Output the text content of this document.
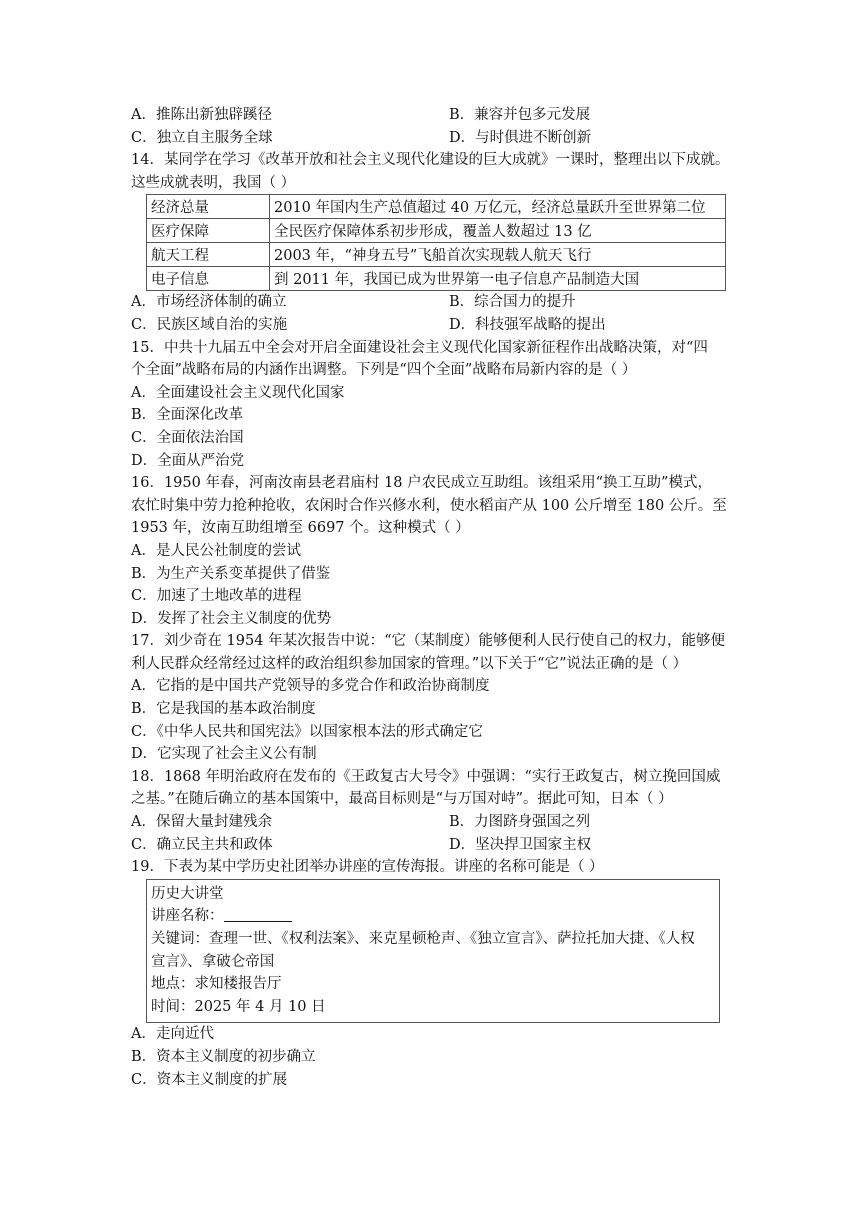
A．推陈出新独辟蹊径	B．兼容并包多元发展
C．独立自主服务全球	D．与时俱进不断创新
14．某同学在学习《改革开放和社会主义现代化建设的巨大成就》一课时，整理出以下成就。
这些成就表明，我国（ ）
经济总量	2010 年国内生产总值超过 40 万亿元，经济总量跃升至世界第二位
医疗保障	全民医疗保障体系初步形成，覆盖人数超过 13 亿
航天工程	2003 年，“神身五号”飞船首次实现载人航天飞行
电子信息	到 2011 年，我国已成为世界第一电子信息产品制造大国
A．市场经济体制的确立	B．综合国力的提升
C．民族区域自治的实施	D．科技强军战略的提出
15．中共十九届五中全会对开启全面建设社会主义现代化国家新征程作出战略决策，对“四
个全面”战略布局的内涵作出调整。下列是“四个全面”战略布局新内容的是（ ）
A．全面建设社会主义现代化国家
B．全面深化改革
C．全面依法治国
D．全面从严治党
16．1950 年春，河南汝南县老君庙村 18 户农民成立互助组。该组采用“换工互助”模式，
农忙时集中劳力抢种抢收，农闲时合作兴修水利，使水稻亩产从 100 公斤增至 180 公斤。至
1953 年，汝南互助组增至 6697 个。这种模式（ ）
A．是人民公社制度的尝试
B．为生产关系变革提供了借鉴
C．加速了土地改革的进程
D．发挥了社会主义制度的优势
17．刘少奇在 1954 年某次报告中说：“它（某制度）能够便利人民行使自己的权力，能够便
利人民群众经常经过这样的政治组织参加国家的管理。”以下关于“它”说法正确的是（ ）
A．它指的是中国共产党领导的多党合作和政治协商制度
B．它是我国的基本政治制度
C．《中华人民共和国宪法》以国家根本法的形式确定它
D．它实现了社会主义公有制
18．1868 年明治政府在发布的《王政复古大号令》中强调：“实行王政复古，树立挽回国威
之基。”在随后确立的基本国策中，最高目标则是“与万国对峙”。据此可知，日本（ ）
A．保留大量封建残余	B．力图跻身强国之列
C．确立民主共和政体	D．坚决捍卫国家主权
19．下表为某中学历史社团举办讲座的宣传海报。讲座的名称可能是（ ）
历史大讲堂
讲座名称：
关键词：查理一世、《权利法案》、来克星顿枪声、《独立宣言》、萨拉托加大捷、《人权
宣言》、拿破仑帝国
地点：求知楼报告厅
时间：2025 年 4 月 10 日
A．走向近代
B．资本主义制度的初步确立
C．资本主义制度的扩展
